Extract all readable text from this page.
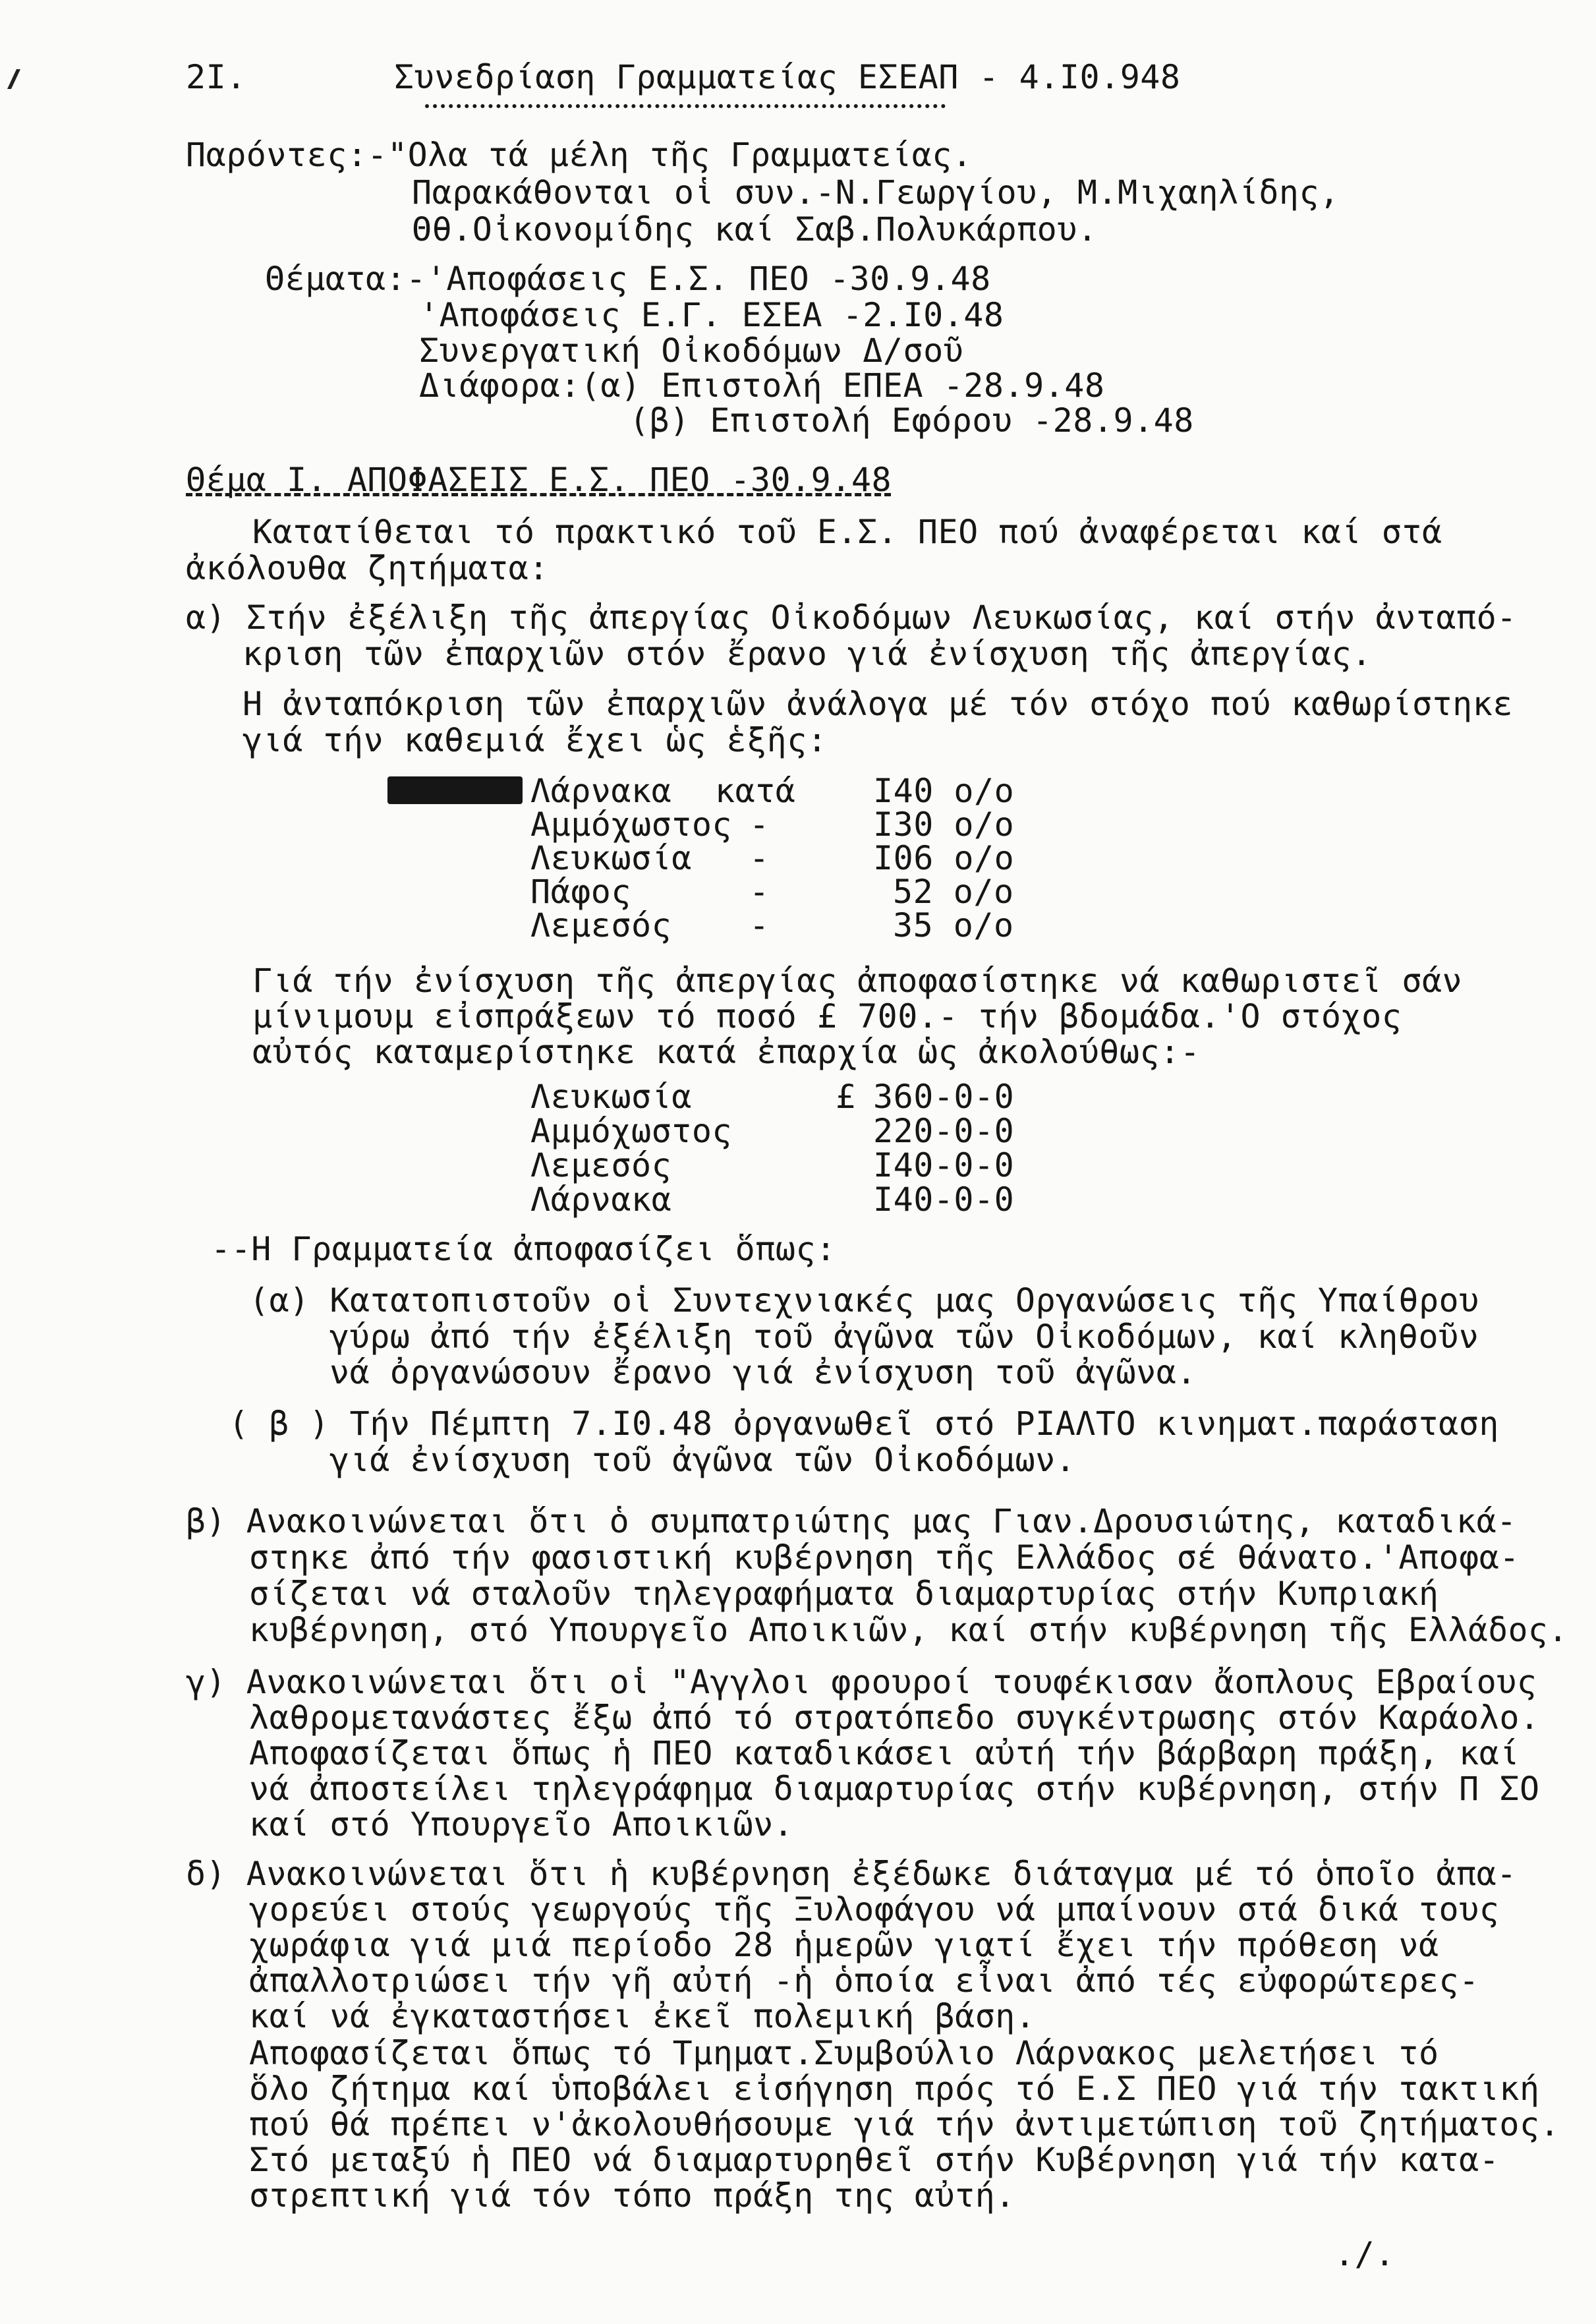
2I.	Συνεδρίαση Γραμματείας ΕΣΕΑΠ - 4.Ι0.948
Παρόντες:-"Ολα τά μέλη τῆς Γραμματείας.
Παρακάθονται οἱ συν.-Ν.Γεωργίου, Μ.Μιχαηλίδης,
Θθ.Οἰκονομίδης καί Σαβ.Πολυκάρπου.
Θέματα:-'Αποφάσεις Ε.Σ. ΠΕΟ -30.9.48
'Αποφάσεις Ε.Γ. ΕΣΕΑ -2.Ι0.48
Συνεργατική Οἰκοδόμων Δ/σοῦ
Διάφορα:(α) Επιστολή ΕΠΕΑ -28.9.48
(β) Επιστολή Εφόρου -28.9.48
Θέμα Ι. ΑΠΟΦΑΣΕΙΣ Ε.Σ. ΠΕΟ -30.9.48
Κατατίθεται τό πρακτικό τοῦ Ε.Σ. ΠΕΟ πού ἀναφέρεται καί στά
ἀκόλουθα ζητήματα:
α) Στήν ἐξέλιξη τῆς ἀπεργίας Οἰκοδόμων Λευκωσίας, καί στήν ἀνταπό-
κριση τῶν ἐπαρχιῶν στόν ἔρανο γιά ἐνίσχυση τῆς ἀπεργίας.
Η ἀνταπόκριση τῶν ἐπαρχιῶν ἀνάλογα μέ τόν στόχο πού καθωρίστηκε
γιά τήν καθεμιά ἔχει ὡς ἑξῆς:
Λάρνακα κατά Ι40 ο/ο
Αμμόχωστος -	Ι30 ο/ο
Λευκωσία -	Ι06 ο/ο
Πάφος	-	52 ο/ο
Λεμεσός -	35 ο/ο
Γιά τήν ἐνίσχυση τῆς ἀπεργίας ἀποφασίστηκε νά καθωριστεῖ σάν
μίνιμουμ εἰσπράξεων τό ποσό £ 700.- τήν βδομάδα.'Ο στόχος
αὐτός καταμερίστηκε κατά ἐπαρχία ὡς ἀκολούθως:-
Λευκωσία	£ 360-0-0
Αμμόχωστος	220-0-0
Λεμεσός	Ι40-0-0
Λάρνακα	Ι40-0-0
--Η Γραμματεία ἀποφασίζει ὅπως:
(α) Κατατοπιστοῦν οἱ Συντεχνιακές μας Οργανώσεις τῆς Υπαίθρου
γύρω ἀπό τήν ἐξέλιξη τοῦ ἀγῶνα τῶν Οἰκοδόμων, καί κληθοῦν
νά ὀργανώσουν ἔρανο γιά ἐνίσχυση τοῦ ἀγῶνα.
( β ) Τήν Πέμπτη 7.Ι0.48 ὀργανωθεῖ στό ΡΙΑΛΤΟ κινηματ.παράσταση
γιά ἐνίσχυση τοῦ ἀγῶνα τῶν Οἰκοδόμων.
β) Ανακοινώνεται ὅτι ὁ συμπατριώτης μας Γιαν.Δρουσιώτης, καταδικά-
στηκε ἀπό τήν φασιστική κυβέρνηση τῆς Ελλάδος σέ θάνατο.'Αποφα-
σίζεται νά σταλοῦν τηλεγραφήματα διαμαρτυρίας στήν Κυπριακή
κυβέρνηση, στό Υπουργεῖο Αποικιῶν, καί στήν κυβέρνηση τῆς Ελλάδος.
γ) Ανακοινώνεται ὅτι οἱ "Αγγλοι φρουροί τουφέκισαν ἄοπλους Εβραίους
λαθρομετανάστες ἔξω ἀπό τό στρατόπεδο συγκέντρωσης στόν Καράολο.
Αποφασίζεται ὅπως ἡ ΠΕΟ καταδικάσει αὐτή τήν βάρβαρη πράξη, καί
νά ἀποστείλει τηλεγράφημα διαμαρτυρίας στήν κυβέρνηση, στήν Π ΣΟ
καί στό Υπουργεῖο Αποικιῶν.
δ) Ανακοινώνεται ὅτι ἡ κυβέρνηση ἐξέδωκε διάταγμα μέ τό ὁποῖο ἀπα-
γορεύει στούς γεωργούς τῆς Ξυλοφάγου νά μπαίνουν στά δικά τους
χωράφια γιά μιά περίοδο 28 ἡμερῶν γιατί ἔχει τήν πρόθεση νά
ἀπαλλοτριώσει τήν γῆ αὐτή -ἡ ὁποία εἶναι ἀπό τές εὐφορώτερες-
καί νά ἐγκαταστήσει ἐκεῖ πολεμική βάση.
Αποφασίζεται ὅπως τό Τμηματ.Συμβούλιο Λάρνακος μελετήσει τό
ὅλο ζήτημα καί ὑποβάλει εἰσήγηση πρός τό Ε.Σ ΠΕΟ γιά τήν τακτική
πού θά πρέπει ν'ἀκολουθήσουμε γιά τήν ἀντιμετώπιση τοῦ ζητήματος.
Στό μεταξύ ἡ ΠΕΟ νά διαμαρτυρηθεῖ στήν Κυβέρνηση γιά τήν κατα-
στρεπτική γιά τόν τόπο πράξη της αὐτή.
./.
